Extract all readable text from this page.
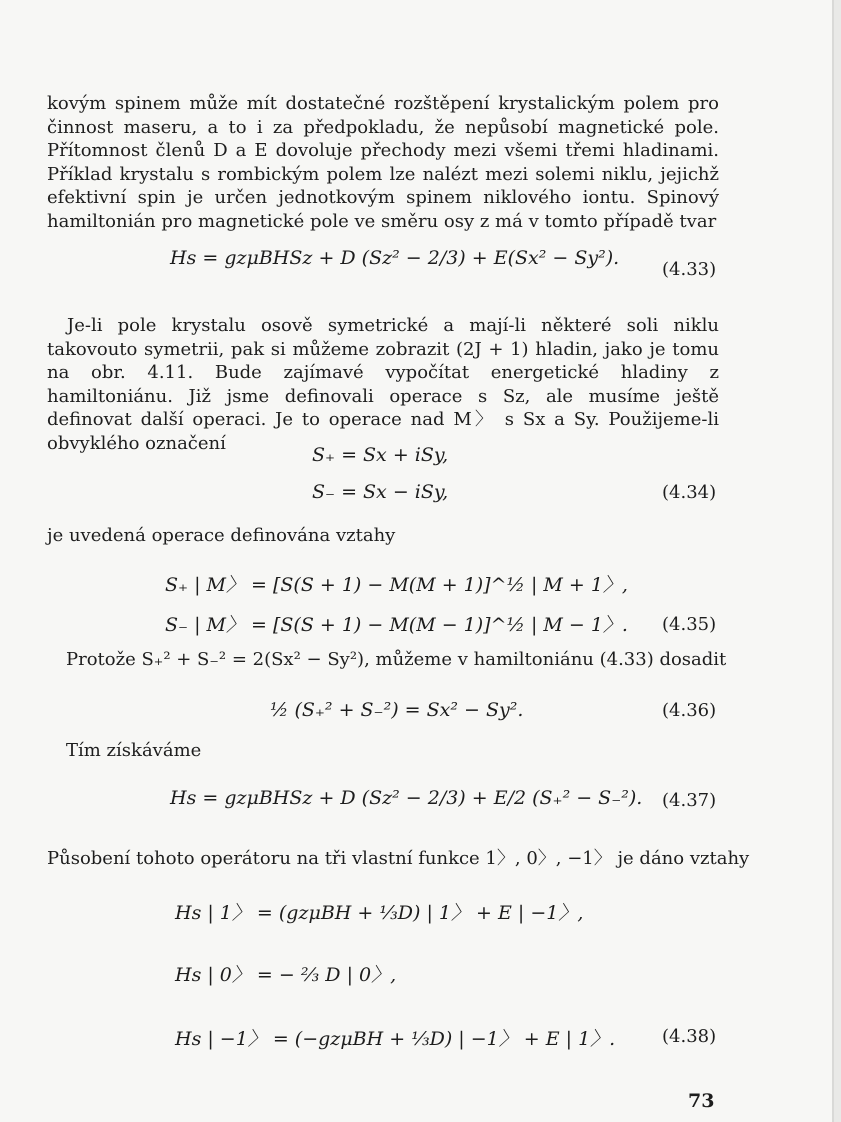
kovým spinem může mít dostatečné rozštěpení krystalickým polem pro činnost maseru, a to i za předpokladu, že nepůsobí magnetické pole. Přítomnost členů D a E dovoluje přechody mezi všemi třemi hladinami. Příklad krystalu s rombickým polem lze nalézt mezi solemi niklu, jejichž efektivní spin je určen jednotkovým spinem niklového iontu. Spinový hamiltonián pro magnetické pole ve směru osy z má v tomto případě tvar

Hs = gzμBHSz + D (Sz² − 2/3) + E(Sx² − Sy²).
( 4.33 )

Je-li pole krystalu osově symetrické a mají-li některé soli niklu takovouto symetrii, pak si můžeme zobrazit (2J + 1) hladin, jako je tomu na obr. 4.11. Bude zajímavé vypočítat energetické hladiny z hamiltoniánu. Již jsme definovali operace s Sz, ale musíme ještě definovat další operaci. Je to operace nad M〉 s Sx a Sy. Použijeme-li obvyklého označení

S₊ = Sx + iSy,
S₋ = Sx − iSy,	( 4.34 )

je uvedená operace definována vztahy

S₊ | M〉 = [S(S + 1) − M(M + 1)]^½ | M + 1〉,
S₋ | M〉 = [S(S + 1) − M(M − 1)]^½ | M − 1〉.	( 4.35 )

Protože S₊² + S₋² = 2(Sx² − Sy²), můžeme v hamiltoniánu (4.33) dosadit

½ (S₊² + S₋²) = Sx² − Sy².	( 4.36 )

Tím získáváme

Hs = gzμBHSz + D (Sz² − 2/3) + E/2 (S₊² − S₋²).	( 4.37 )

Působení tohoto operátoru na tři vlastní funkce 1〉, 0〉, −1〉 je dáno vztahy

Hs | 1〉 = (gzμBH + ⅓D) | 1〉 + E | −1〉,
Hs | 0〉 = − ⅔ D | 0〉,
Hs | −1〉 = (−gzμBH + ⅓D) | −1〉 + E | 1〉.	( 4.38 )
73
